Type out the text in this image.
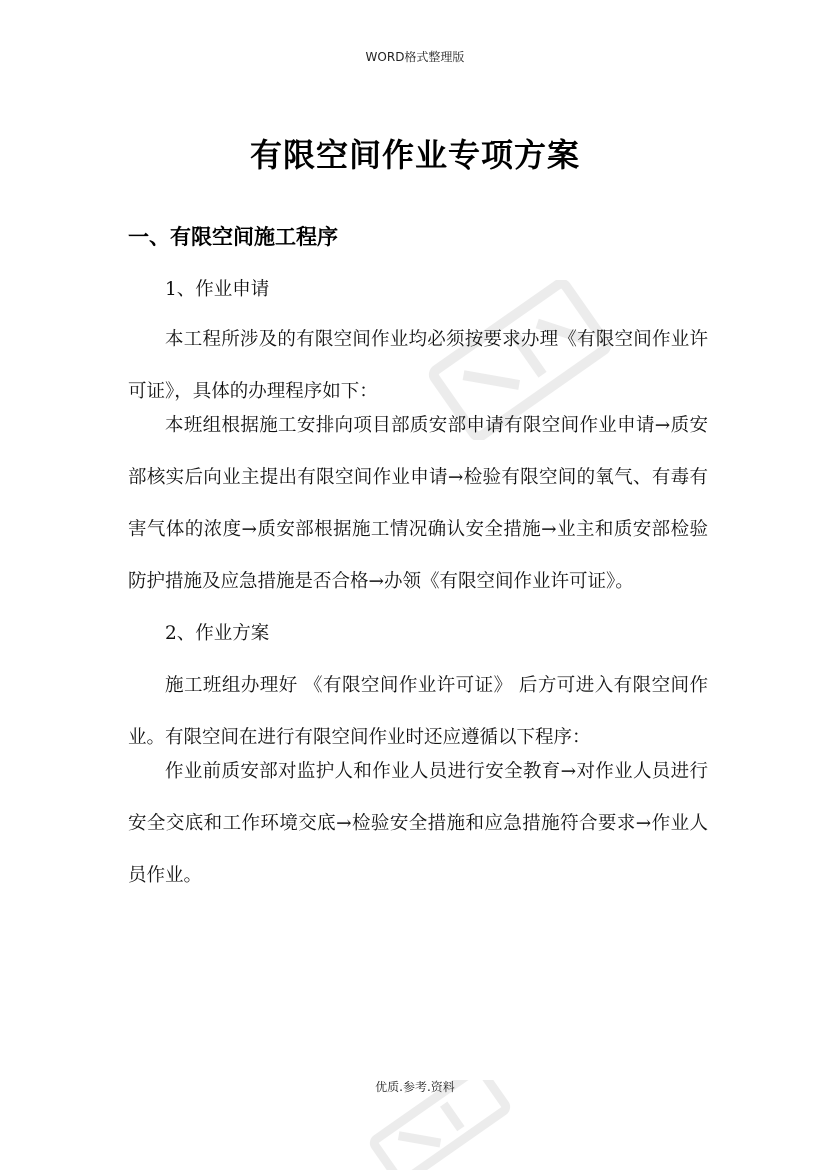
WORD格式整理版
有限空间作业专项方案
一、有限空间施工程序
1、作业申请
本工程所涉及的有限空间作业均必须按要求办理《有限空间作业许可证》，具体的办理程序如下：
本班组根据施工安排向项目部质安部申请有限空间作业申请→质安部核实后向业主提出有限空间作业申请→检验有限空间的氧气、有毒有害气体的浓度→质安部根据施工情况确认安全措施→业主和质安部检验防护措施及应急措施是否合格→办领《有限空间作业许可证》。
2、作业方案
施工班组办理好 《有限空间作业许可证》 后方可进入有限空间作业。有限空间在进行有限空间作业时还应遵循以下程序：
作业前质安部对监护人和作业人员进行安全教育→对作业人员进行安全交底和工作环境交底→检验安全措施和应急措施符合要求→作业人员作业。
优质.参考.资料
